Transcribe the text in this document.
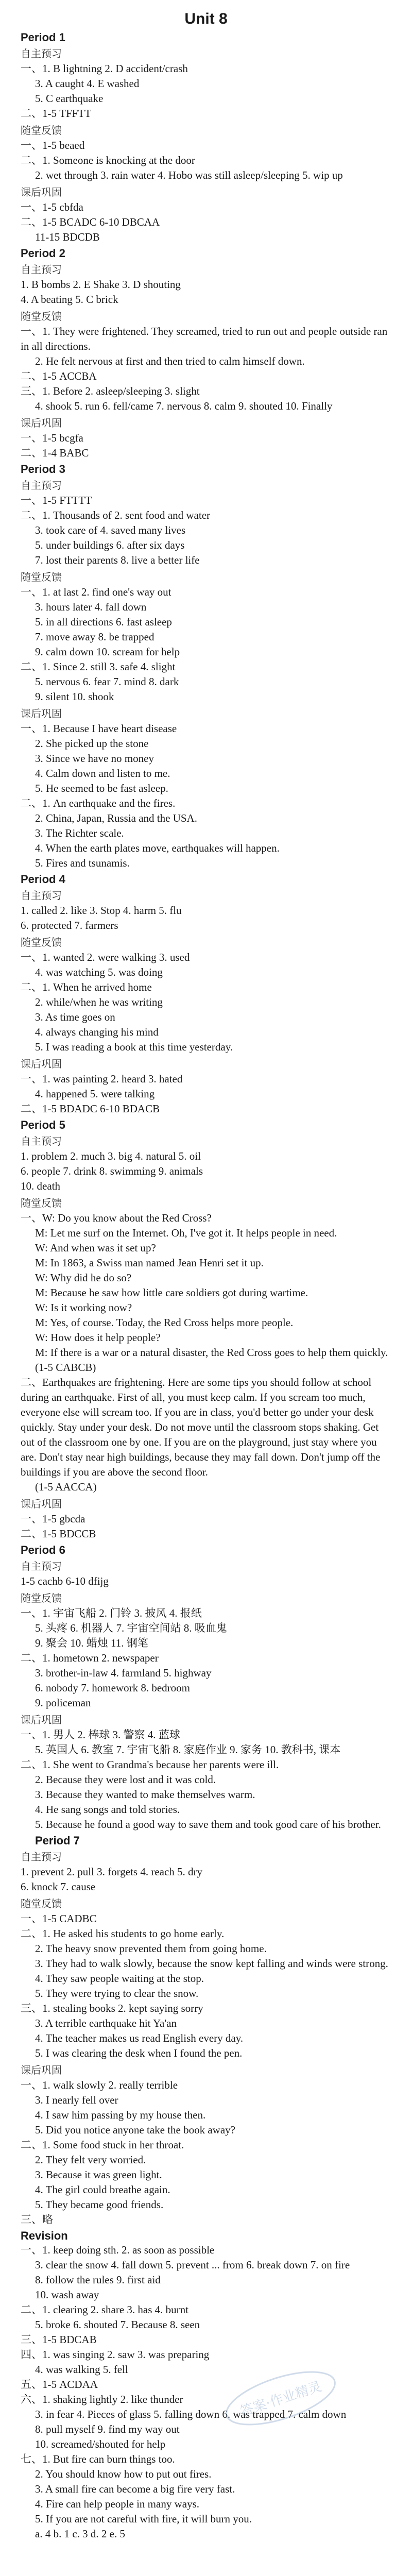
Unit 8
Period 1
自主预习
一、1. B lightning 2. D accident/crash
3. A caught 4. E washed
5. C earthquake
二、1-5 TFFTT
随堂反馈
一、1-5 beaed
二、1. Someone is knocking at the door
2. wet through 3. rain water 4. Hobo was still asleep/sleeping 5. wip up
课后巩固
一、1-5 cbfda
二、1-5 BCADC 6-10 DBCAA
11-15 BDCDB
Period 2
自主预习
1. B bombs 2. E Shake 3. D shouting
4. A beating 5. C brick
随堂反馈
一、1. They were frightened. They screamed, tried to run out and people outside ran in all directions.
2. He felt nervous at first and then tried to calm himself down.
二、1-5 ACCBA
三、1. Before 2. asleep/sleeping 3. slight
4. shook 5. run 6. fell/came 7. nervous 8. calm 9. shouted 10. Finally
课后巩固
一、1-5 bcgfa
二、1-4 BABC
Period 3
自主预习
一、1-5 FTTTT
二、1. Thousands of 2. sent food and water
3. took care of 4. saved many lives
5. under buildings 6. after six days
7. lost their parents 8. live a better life
随堂反馈
一、1. at last 2. find one's way out
3. hours later 4. fall down
5. in all directions 6. fast asleep
7. move away 8. be trapped
9. calm down 10. scream for help
二、1. Since 2. still 3. safe 4. slight
5. nervous 6. fear 7. mind 8. dark
9. silent 10. shook
课后巩固
一、1. Because I have heart disease
2. She picked up the stone
3. Since we have no money
4. Calm down and listen to me.
5. He seemed to be fast asleep.
二、1. An earthquake and the fires.
2. China, Japan, Russia and the USA.
3. The Richter scale.
4. When the earth plates move, earthquakes will happen.
5. Fires and tsunamis.
Period 4
自主预习
1. called 2. like 3. Stop 4. harm 5. flu
6. protected 7. farmers
随堂反馈
一、1. wanted 2. were walking 3. used
4. was watching 5. was doing
二、1. When he arrived home
2. while/when he was writing
3. As time goes on
4. always changing his mind
5. I was reading a book at this time yesterday.
课后巩固
一、1. was painting 2. heard 3. hated
4. happened 5. were talking
二、1-5 BDADC 6-10 BDACB
Period 5
自主预习
1. problem 2. much 3. big 4. natural 5. oil
6. people 7. drink 8. swimming 9. animals
10. death
随堂反馈
一、W: Do you know about the Red Cross?
M: Let me surf on the Internet. Oh, I've got it. It helps people in need.
W: And when was it set up?
M: In 1863, a Swiss man named Jean Henri set it up.
W: Why did he do so?
M: Because he saw how little care soldiers got during wartime.
W: Is it working now?
M: Yes, of course. Today, the Red Cross helps more people.
W: How does it help people?
M: If there is a war or a natural disaster, the Red Cross goes to help them quickly.
(1-5 CABCB)
二、Earthquakes are frightening. Here are some tips you should follow at school during an earthquake. First of all, you must keep calm. If you scream too much, everyone else will scream too. If you are in class, you'd better go under your desk quickly. Stay under your desk. Do not move until the classroom stops shaking. Get out of the classroom one by one. If you are on the playground, just stay where you are. Don't stay near high buildings, because they may fall down. Don't jump off the buildings if you are above the second floor.
(1-5 AACCA)
课后巩固
一、1-5 gbcda
二、1-5 BDCCB
Period 6
自主预习
1-5 cachb 6-10 dfijg
随堂反馈
一、1. 宇宙飞船 2. 门铃 3. 披风 4. 报纸
5. 头疼 6. 机器人 7. 宇宙空间站 8. 吸血鬼
9. 聚会 10. 蜡烛 11. 钢笔
二、1. hometown 2. newspaper
3. brother-in-law 4. farmland 5. highway
6. nobody 7. homework 8. bedroom
9. policeman
课后巩固
一、1. 男人 2. 棒球 3. 警察 4. 蓝球
5. 英国人 6. 教室 7. 宇宙飞船 8. 家庭作业 9. 家务 10. 教科书, 课本
二、1. She went to Grandma's because her parents were ill.
2. Because they were lost and it was cold.
3. Because they wanted to make themselves warm.
4. He sang songs and told stories.
5. Because he found a good way to save them and took good care of his brother.
Period 7
自主预习
1. prevent 2. pull 3. forgets 4. reach 5. dry
6. knock 7. cause
随堂反馈
一、1-5 CADBC
二、1. He asked his students to go home early.
2. The heavy snow prevented them from going home.
3. They had to walk slowly, because the snow kept falling and winds were strong.
4. They saw people waiting at the stop.
5. They were trying to clear the snow.
三、1. stealing books 2. kept saying sorry
3. A terrible earthquake hit Ya'an
4. The teacher makes us read English every day.
5. I was clearing the desk when I found the pen.
课后巩固
一、1. walk slowly 2. really terrible
3. I nearly fell over
4. I saw him passing by my house then.
5. Did you notice anyone take the book away?
二、1. Some food stuck in her throat.
2. They felt very worried.
3. Because it was green light.
4. The girl could breathe again.
5. They became good friends.
三、略
Revision
一、1. keep doing sth. 2. as soon as possible
3. clear the snow 4. fall down 5. prevent ... from 6. break down 7. on fire
8. follow the rules 9. first aid
10. wash away
二、1. clearing 2. share 3. has 4. burnt
5. broke 6. shouted 7. Because 8. seen
三、1-5 BDCAB
四、1. was singing 2. saw 3. was preparing
4. was walking 5. fell
五、1-5 ACDAA
六、1. shaking lightly 2. like thunder
3. in fear 4. Pieces of glass 5. falling down 6. was trapped 7. calm down
8. pull myself 9. find my way out
10. screamed/shouted for help
七、1. But fire can burn things too.
2. You should know how to put out fires.
3. A small fire can become a big fire very fast.
4. Fire can help people in many ways.
5. If you are not careful with fire, it will burn you.
a. 4 b. 1 c. 3 d. 2 e. 5
答案·作业精灵
